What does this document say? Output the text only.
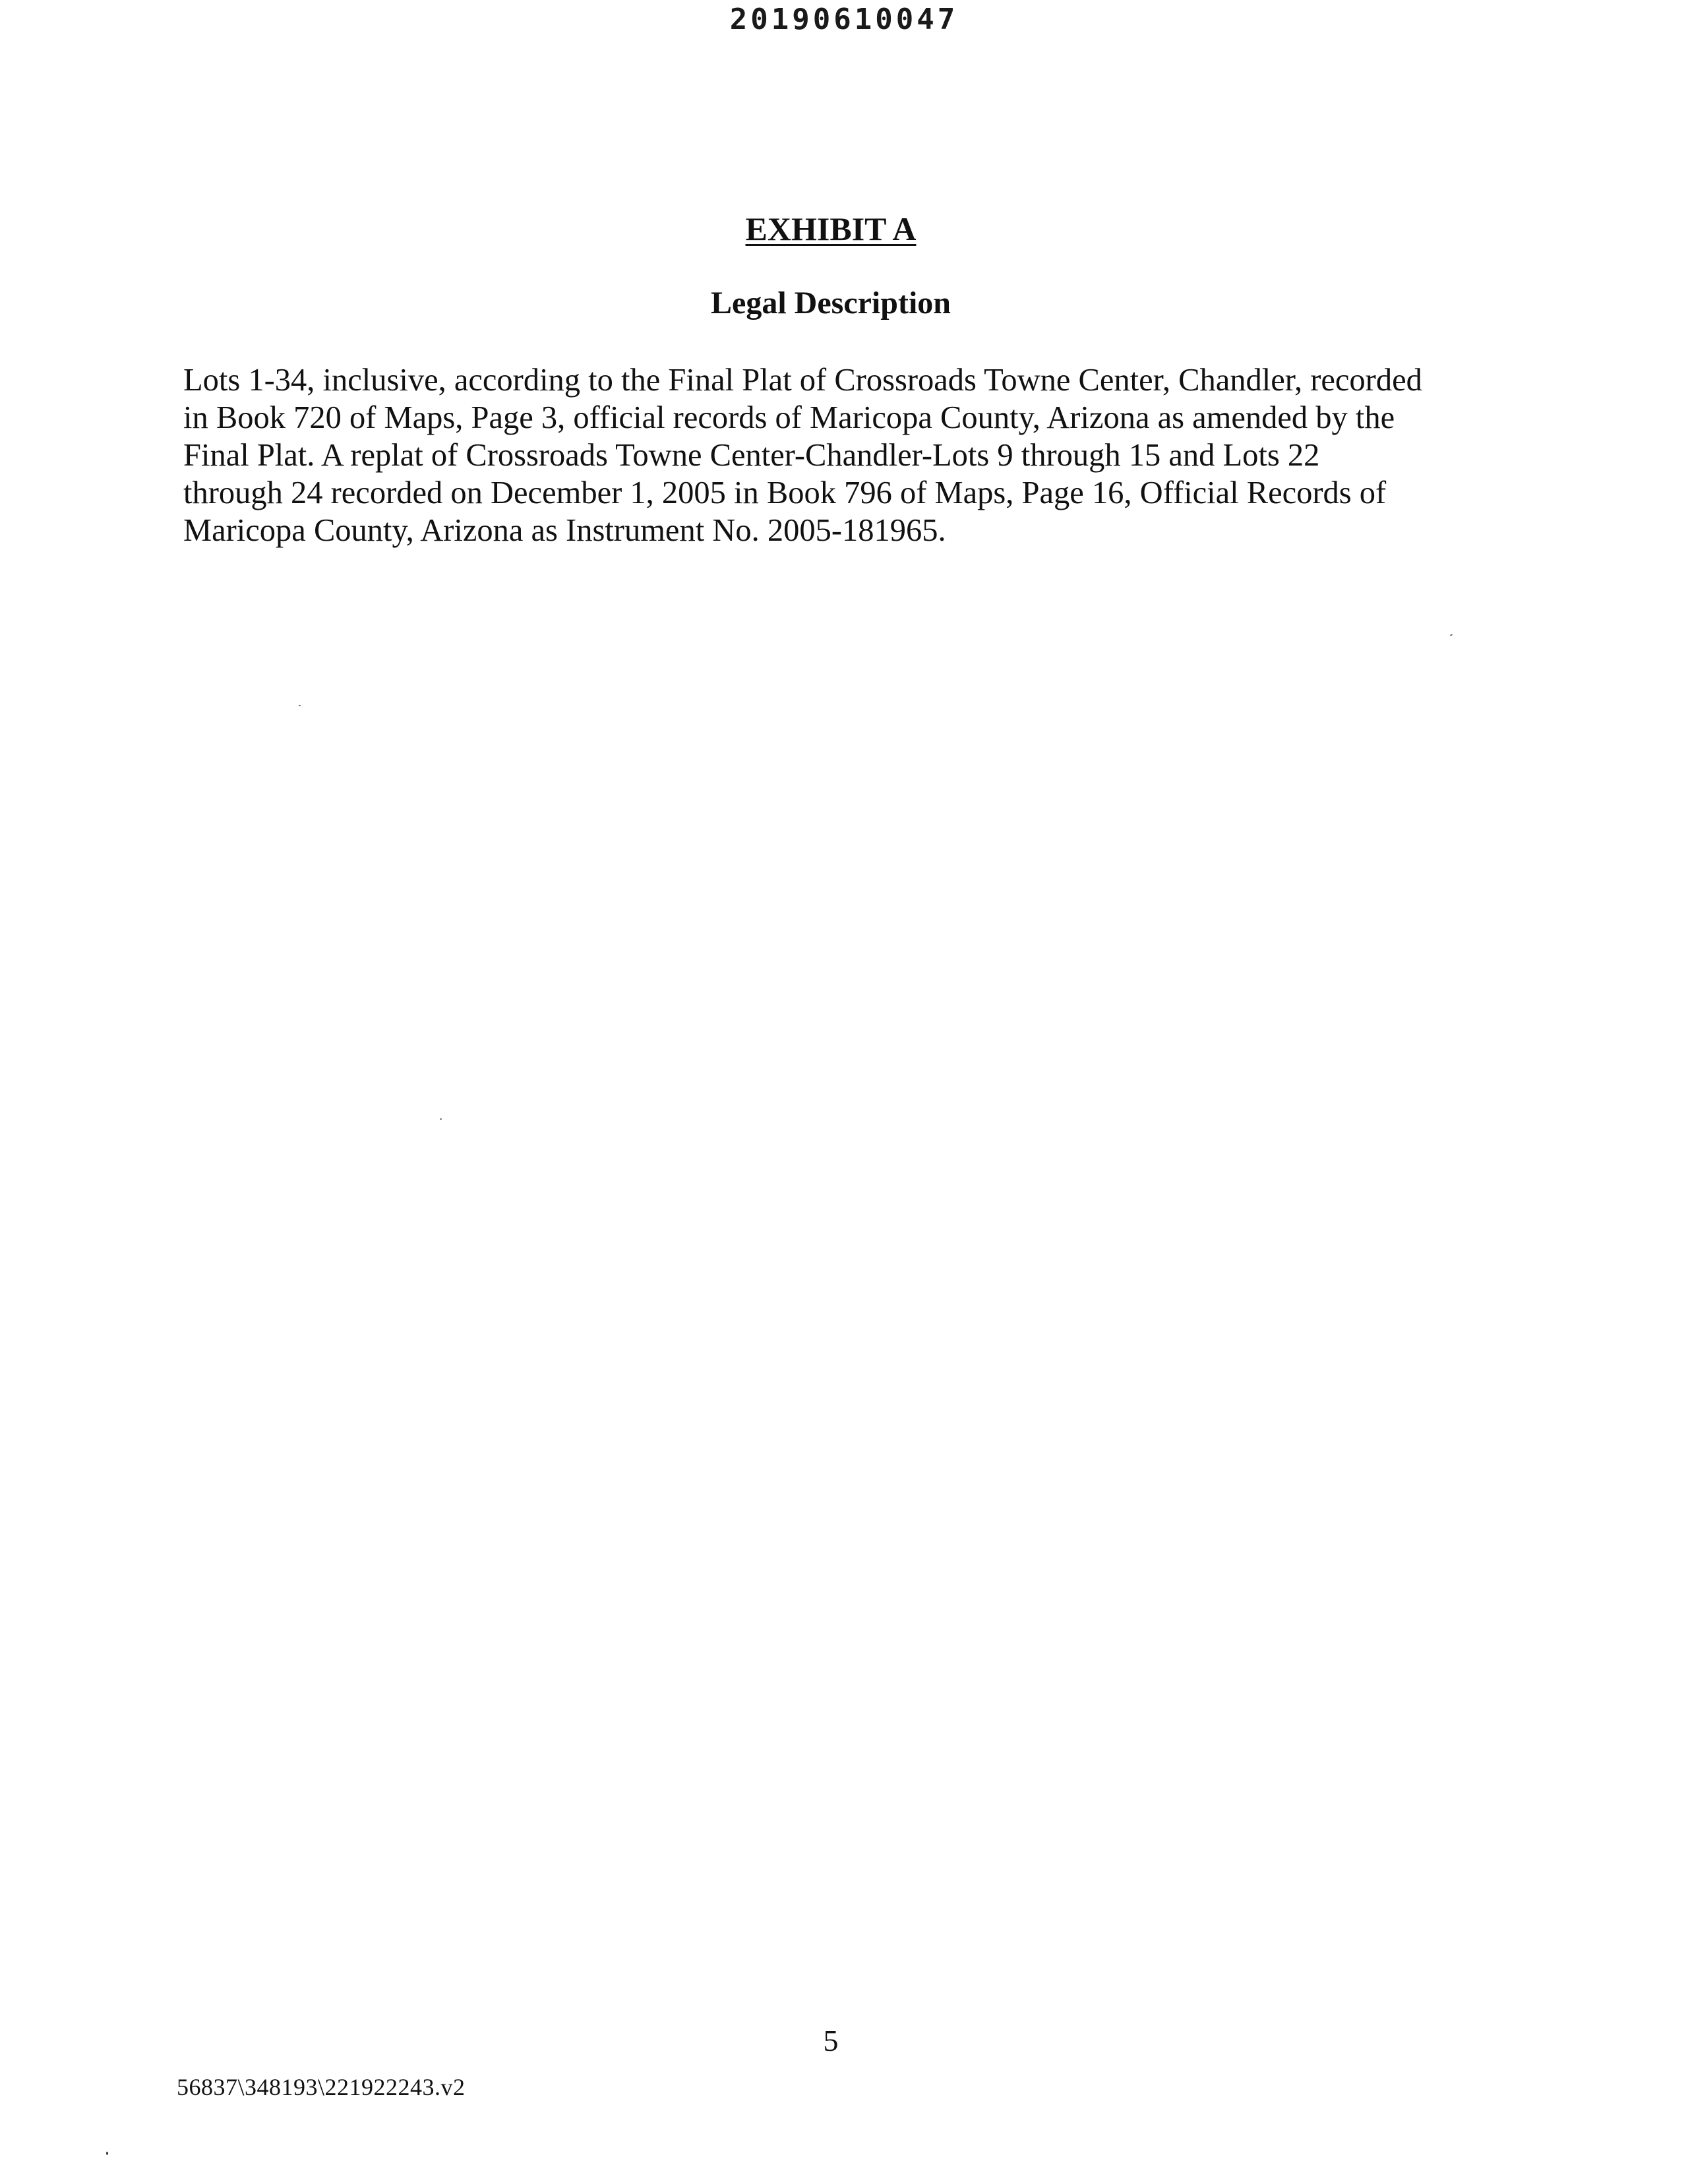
20190610047
EXHIBIT A
Legal Description

Lots 1-34, inclusive, according to the Final Plat of Crossroads Towne Center, Chandler, recorded
in Book 720 of Maps, Page 3, official records of Maricopa County, Arizona as amended by the
Final Plat. A replat of Crossroads Towne Center-Chandler-Lots 9 through 15 and Lots 22
through 24 recorded on December 1, 2005 in Book 796 of Maps, Page 16, Official Records of
Maricopa County, Arizona as Instrument No. 2005-181965.

5
56837\348193\221922243.v2
